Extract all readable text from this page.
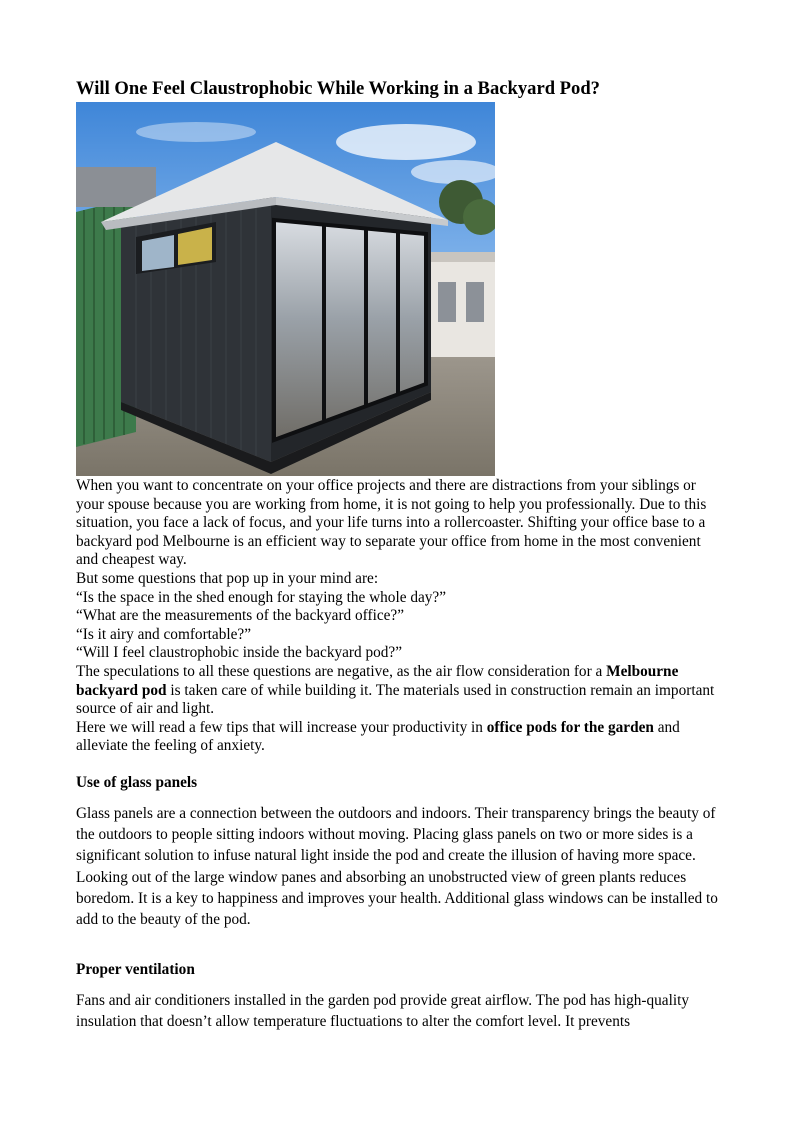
Will One Feel Claustrophobic While Working in a Backyard Pod?

When you want to concentrate on your office projects and there are distractions from your siblings or your spouse because you are working from home, it is not going to help you professionally. Due to this situation, you face a lack of focus, and your life turns into a rollercoaster. Shifting your office base to a backyard pod Melbourne is an efficient way to separate your office from home in the most convenient and cheapest way.

But some questions that pop up in your mind are:

“Is the space in the shed enough for staying the whole day?”

“What are the measurements of the backyard office?”

“Is it airy and comfortable?”

“Will I feel claustrophobic inside the backyard pod?”

The speculations to all these questions are negative, as the air flow consideration for a Melbourne backyard pod is taken care of while building it. The materials used in construction remain an important source of air and light.

Here we will read a few tips that will increase your productivity in office pods for the garden and alleviate the feeling of anxiety.

Use of glass panels

Glass panels are a connection between the outdoors and indoors. Their transparency brings the beauty of the outdoors to people sitting indoors without moving. Placing glass panels on two or more sides is a significant solution to infuse natural light inside the pod and create the illusion of having more space. Looking out of the large window panes and absorbing an unobstructed view of green plants reduces boredom. It is a key to happiness and improves your health. Additional glass windows can be installed to add to the beauty of the pod.

Proper ventilation

Fans and air conditioners installed in the garden pod provide great airflow. The pod has high-quality insulation that doesn’t allow temperature fluctuations to alter the comfort level. It prevents
